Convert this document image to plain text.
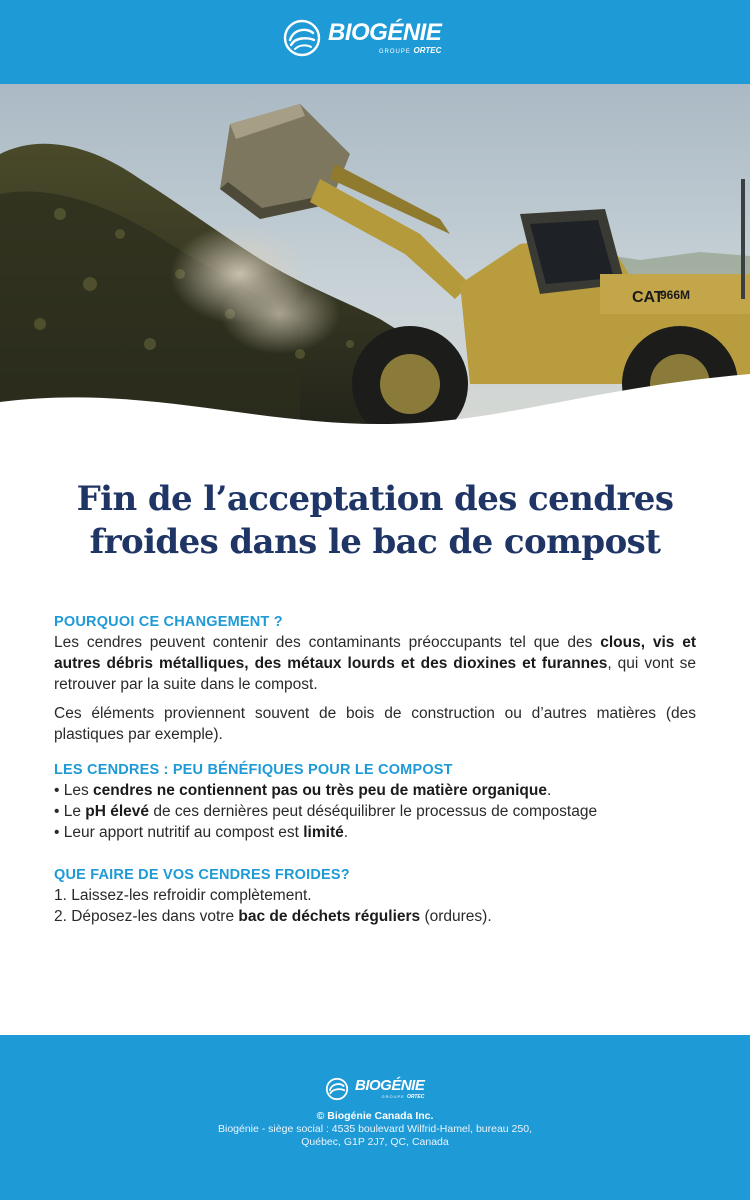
BIOGÉNIE
GROUPE ORTEC
966M
CAT
Fin de l’acceptation des cendres
froides dans le bac de compost
POURQUOI CE CHANGEMENT ?

Les cendres peuvent contenir des contaminants préoccupants tel que des clous, vis et autres débris métalliques, des métaux lourds et des dioxines et furannes, qui vont se retrouver par la suite dans le compost.

Ces éléments proviennent souvent de bois de construction ou d’autres matières (des plastiques par exemple).

LES CENDRES : PEU BÉNÉFIQUES POUR LE COMPOST
• Les cendres ne contiennent pas ou très peu de matière organique.
• Le pH élevé de ces dernières peut déséquilibrer le processus de compostage
• Leur apport nutritif au compost est limité.
QUE FAIRE DE VOS CENDRES FROIDES?
1. Laissez-les refroidir complètement.
2. Déposez-les dans votre bac de déchets réguliers (ordures).
BIOGÉNIE
GROUPE ORTEC
© Biogénie Canada Inc.
Biogénie - siège social : 4535 boulevard Wilfrid-Hamel, bureau 250,
Québec, G1P 2J7, QC, Canada
